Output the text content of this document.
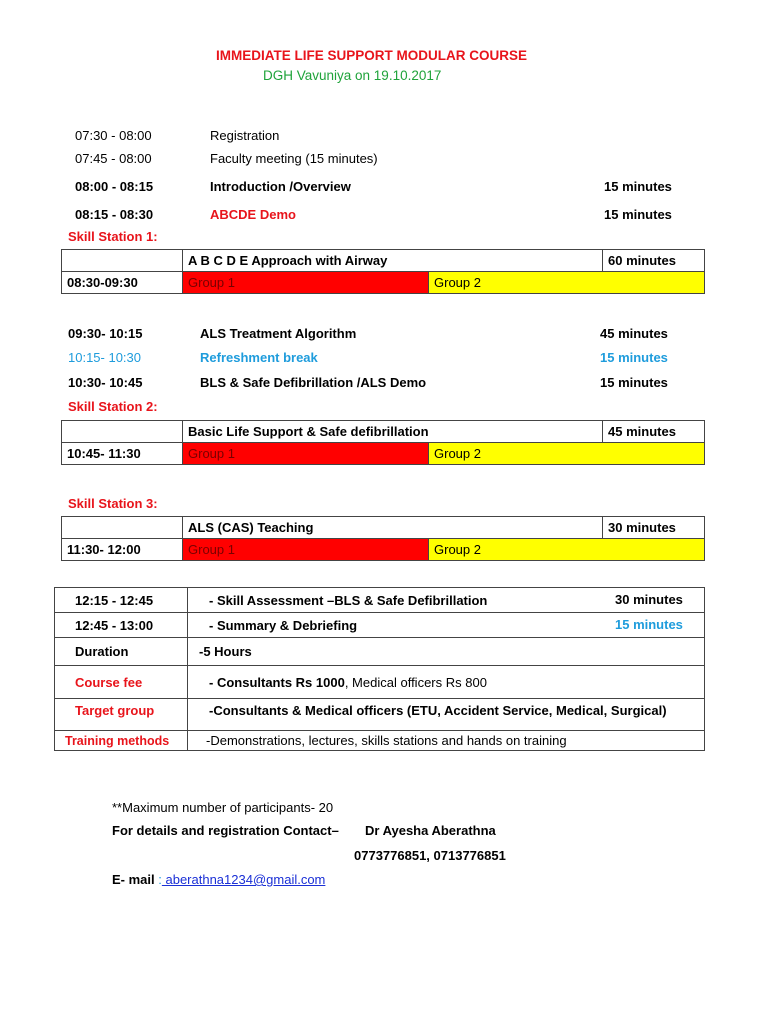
IMMEDIATE LIFE SUPPORT MODULAR COURSE
DGH Vavuniya on 19.10.2017
07:30 - 08:00	Registration
07:45 - 08:00	Faculty meeting (15 minutes)
08:00 - 08:15	Introduction /Overview	15 minutes
08:15 - 08:30	ABCDE Demo	15 minutes
Skill Station 1:
	A B C D E Approach with Airway		60 minutes
08:30-09:30	Group 1	Group 2	
09:30- 10:15	ALS Treatment Algorithm	45 minutes
10:15- 10:30	Refreshment break	15 minutes
10:30- 10:45	BLS & Safe Defibrillation /ALS Demo	15 minutes
Skill Station 2:
	Basic Life Support & Safe defibrillation		45 minutes
10:45- 11:30	Group 1	Group 2	
Skill Station 3:
	ALS (CAS) Teaching		30 minutes
11:30- 12:00	Group 1	Group 2	
12:15 - 12:45	- Skill Assessment –BLS & Safe Defibrillation 30 minutes

12:45 - 13:00	- Summary & Debriefing 15 minutes

Duration	-5 Hours
Course fee	- Consultants Rs 1000, Medical officers Rs 800
Target group	-Consultants & Medical officers (ETU, Accident Service, Medical, Surgical)
Training methods	-Demonstrations, lectures, skills stations and hands on training
**Maximum number of participants- 20
For details and registration Contact– Dr Ayesha Aberathna
0773776851, 0713776851
E- mail : aberathna1234@gmail.com
